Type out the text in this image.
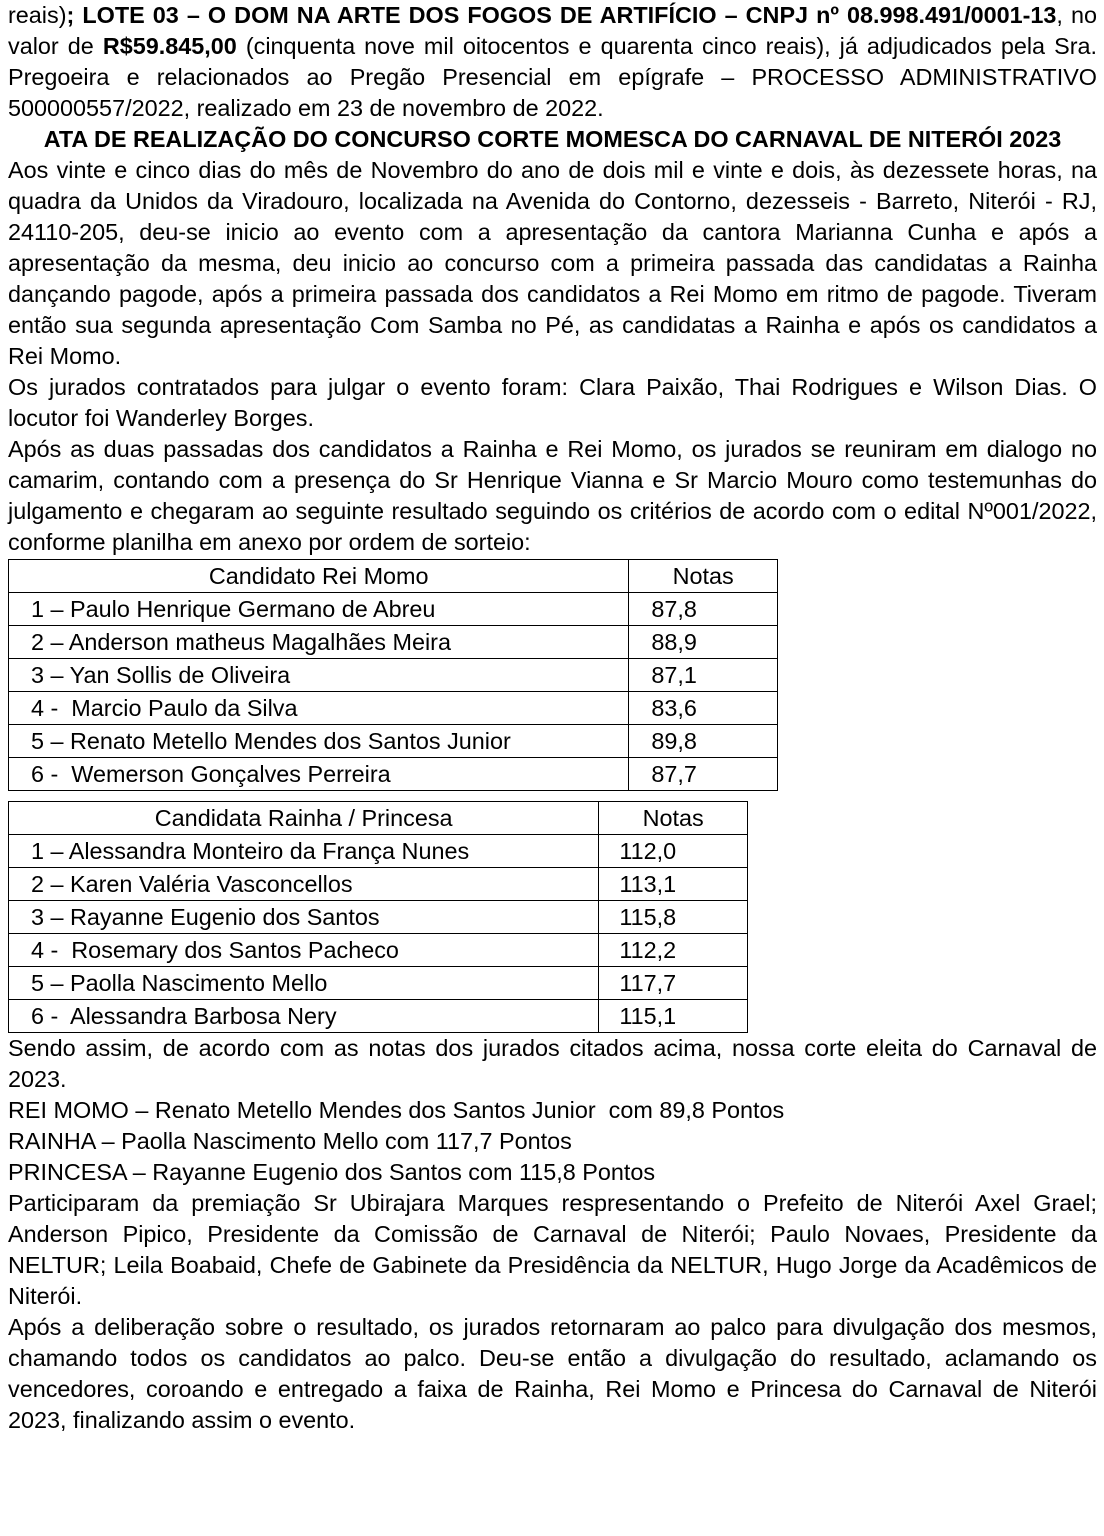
reais); LOTE 03 – O DOM NA ARTE DOS FOGOS DE ARTIFÍCIO – CNPJ nº 08.998.491/0001-13, no valor de R$59.845,00 (cinquenta nove mil oitocentos e quarenta cinco reais), já adjudicados pela Sra. Pregoeira e relacionados ao Pregão Presencial em epígrafe – PROCESSO ADMINISTRATIVO 500000557/2022, realizado em 23 de novembro de 2022.

ATA DE REALIZAÇÃO DO CONCURSO CORTE MOMESCA DO CARNAVAL DE NITERÓI 2023

Aos vinte e cinco dias do mês de Novembro do ano de dois mil e vinte e dois, às dezessete horas, na quadra da Unidos da Viradouro, localizada na Avenida do Contorno, dezesseis - Barreto, Niterói - RJ, 24110-205, deu-se inicio ao evento com a apresentação da cantora Marianna Cunha e após a apresentação da mesma, deu inicio ao concurso com a primeira passada das candidatas a Rainha dançando pagode, após a primeira passada dos candidatos a Rei Momo em ritmo de pagode. Tiveram então sua segunda apresentação Com Samba no Pé, as candidatas a Rainha e após os candidatos a Rei Momo.

Os jurados contratados para julgar o evento foram: Clara Paixão, Thai Rodrigues e Wilson Dias. O locutor foi Wanderley Borges.

Após as duas passadas dos candidatos a Rainha e Rei Momo, os jurados se reuniram em dialogo no camarim, contando com a presença do Sr Henrique Vianna e Sr Marcio Mouro como testemunhas do julgamento e chegaram ao seguinte resultado seguindo os critérios de acordo com o edital Nº001/2022, conforme planilha em anexo por ordem de sorteio:

Candidato Rei Momo	Notas
1 – Paulo Henrique Germano de Abreu	87,8
2 – Anderson matheus Magalhães Meira	88,9
3 – Yan Sollis de Oliveira	87,1
4 -  Marcio Paulo da Silva	83,6
5 – Renato Metello Mendes dos Santos Junior	89,8
6 -  Wemerson Gonçalves Perreira	87,7
Candidata Rainha / Princesa	Notas
1 – Alessandra Monteiro da França Nunes	112,0
2 – Karen Valéria Vasconcellos	113,1
3 – Rayanne Eugenio dos Santos	115,8
4 -  Rosemary dos Santos Pacheco	112,2
5 – Paolla Nascimento Mello	117,7
6 -  Alessandra Barbosa Nery	115,1

Sendo assim, de acordo com as notas dos jurados citados acima, nossa corte eleita do Carnaval de 2023.

REI MOMO – Renato Metello Mendes dos Santos Junior  com 89,8 Pontos

RAINHA – Paolla Nascimento Mello com 117,7 Pontos

PRINCESA – Rayanne Eugenio dos Santos com 115,8 Pontos

Participaram da premiação Sr Ubirajara Marques respresentando o Prefeito de Niterói Axel Grael; Anderson Pipico, Presidente da Comissão de Carnaval de Niterói; Paulo Novaes, Presidente da NELTUR; Leila Boabaid, Chefe de Gabinete da Presidência da NELTUR, Hugo Jorge da Acadêmicos de Niterói.

Após a deliberação sobre o resultado, os jurados retornaram ao palco para divulgação dos mesmos, chamando todos os candidatos ao palco. Deu-se então a divulgação do resultado, aclamando os vencedores, coroando e entregado a faixa de Rainha, Rei Momo e Princesa do Carnaval de Niterói 2023, finalizando assim o evento.
